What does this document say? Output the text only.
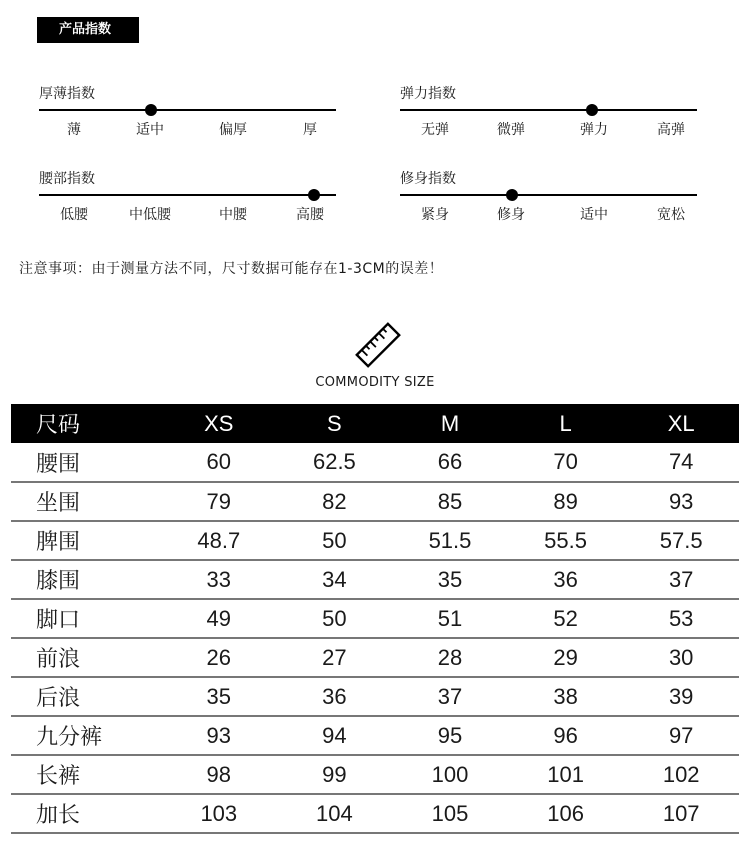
产品指数
厚薄指数
薄	适中	偏厚	厚
弹力指数
无弹	微弹	弹力	高弹
腰部指数
低腰	中低腰	中腰	高腰
修身指数
紧身	修身	适中	宽松
注意事项：由于测量方法不同，尺寸数据可能存在1-3CM的误差！
COMMODITY SIZE
尺码	XS	S	M	L	XL
腰围	60	62.5	66	70	74
坐围	79	82	85	89	93
脾围	48.7	50	51.5	55.5	57.5
膝围	33	34	35	36	37
脚口	49	50	51	52	53
前浪	26	27	28	29	30
后浪	35	36	37	38	39
九分裤	93	94	95	96	97
长裤	98	99	100	101	102
加长	103	104	105	106	107
